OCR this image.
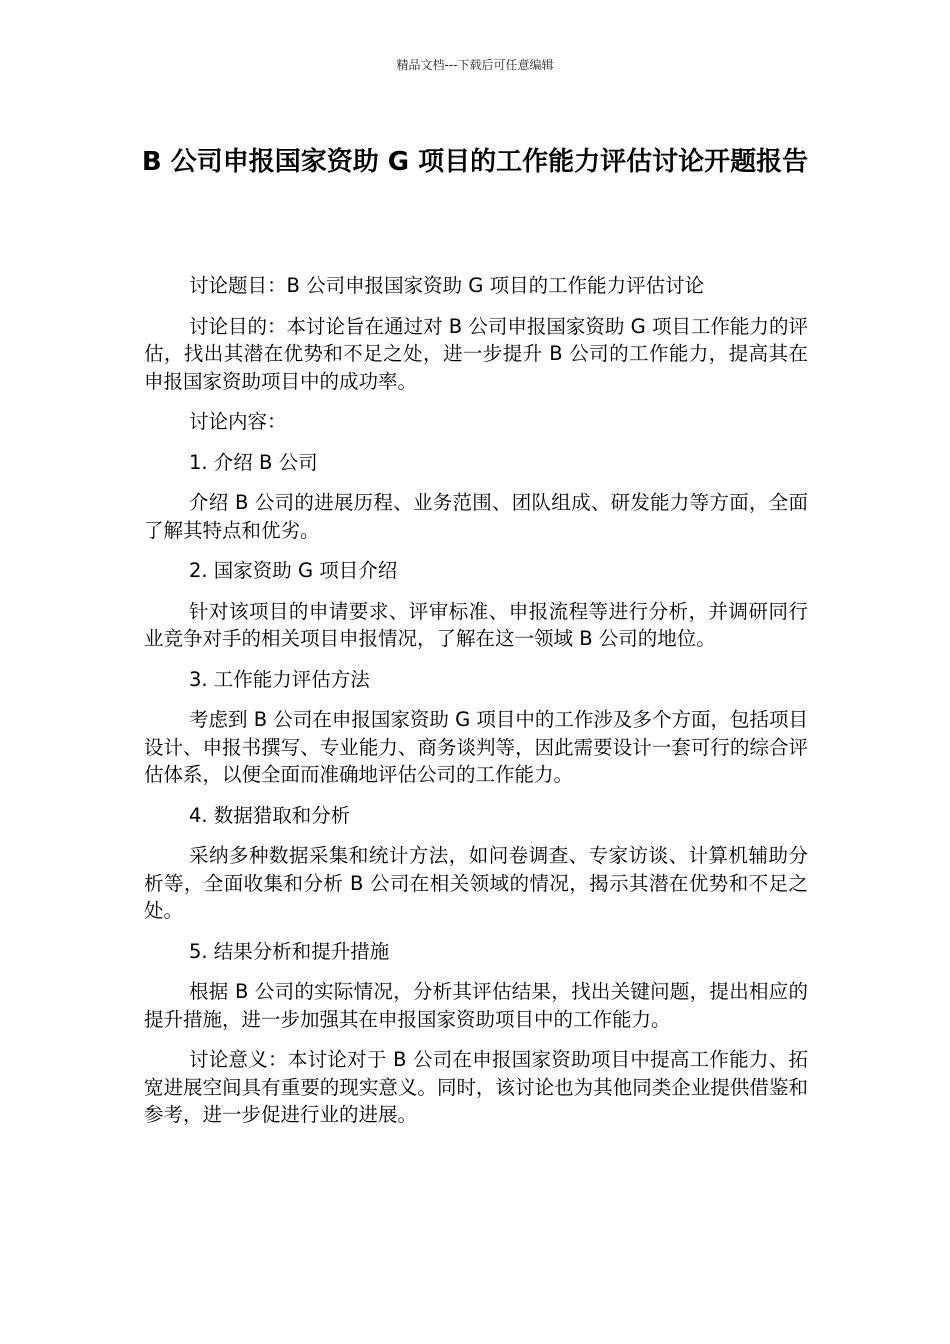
精品文档---下载后可任意编辑
B 公司申报国家资助 G 项目的工作能力评估讨论开题报告

讨论题目：B 公司申报国家资助 G 项目的工作能力评估讨论

讨论目的：本讨论旨在通过对 B 公司申报国家资助 G 项目工作能力的评估，找出其潜在优势和不足之处，进一步提升 B 公司的工作能力，提高其在申报国家资助项目中的成功率。

讨论内容：

1. 介绍 B 公司

介绍 B 公司的进展历程、业务范围、团队组成、研发能力等方面，全面了解其特点和优劣。

2. 国家资助 G 项目介绍

针对该项目的申请要求、评审标准、申报流程等进行分析，并调研同行业竞争对手的相关项目申报情况，了解在这一领域 B 公司的地位。

3. 工作能力评估方法

考虑到 B 公司在申报国家资助 G 项目中的工作涉及多个方面，包括项目设计、申报书撰写、专业能力、商务谈判等，因此需要设计一套可行的综合评估体系，以便全面而准确地评估公司的工作能力。

4. 数据猎取和分析

采纳多种数据采集和统计方法，如问卷调查、专家访谈、计算机辅助分析等，全面收集和分析 B 公司在相关领域的情况，揭示其潜在优势和不足之处。

5. 结果分析和提升措施

根据 B 公司的实际情况，分析其评估结果，找出关键问题，提出相应的提升措施，进一步加强其在申报国家资助项目中的工作能力。

讨论意义：本讨论对于 B 公司在申报国家资助项目中提高工作能力、拓宽进展空间具有重要的现实意义。同时，该讨论也为其他同类企业提供借鉴和参考，进一步促进行业的进展。
